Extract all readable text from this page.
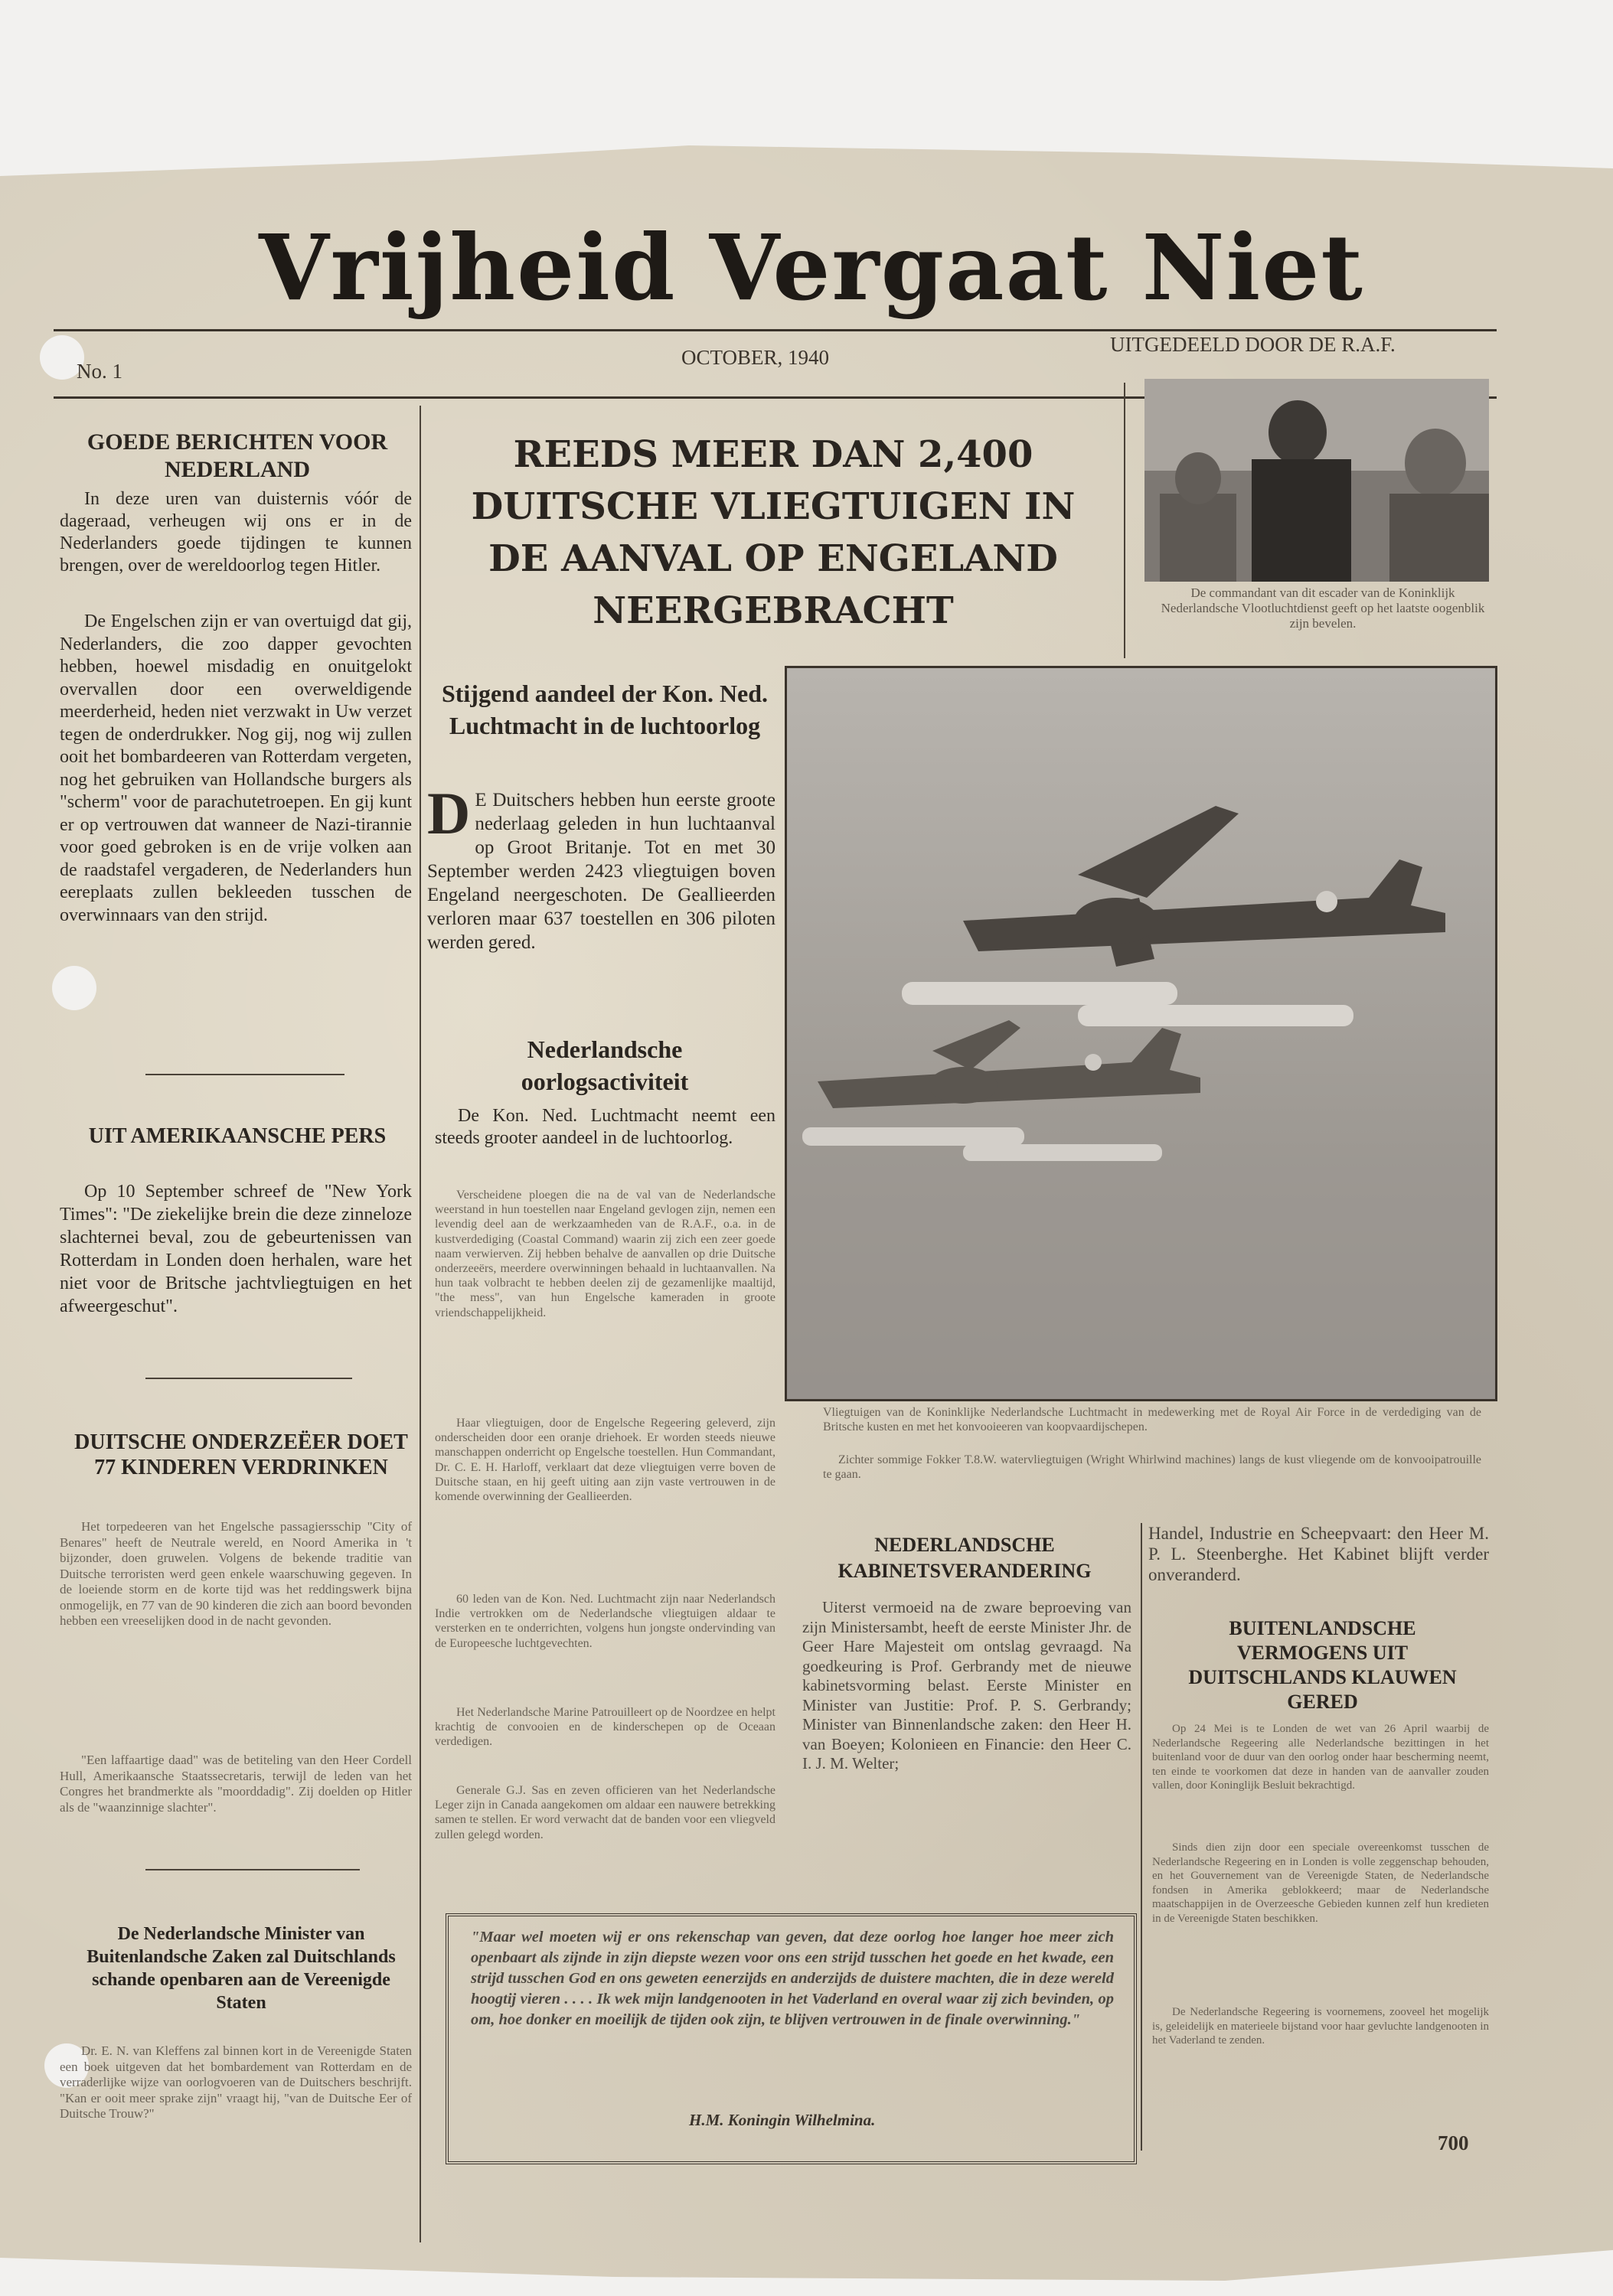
Vrijheid Vergaat Niet
No. 1
OCTOBER, 1940
UITGEDEELD DOOR DE R.A.F.
GOEDE BERICHTEN VOOR NEDERLAND
In deze uren van duisternis vóór de dageraad, verheugen wij ons er in de Nederlanders goede tijdingen te kunnen brengen, over de wereldoorlog tegen Hitler.
De Engelschen zijn er van overtuigd dat gij, Nederlanders, die zoo dapper gevochten hebben, hoewel misdadig en onuitgelokt overvallen door een overweldigende meerderheid, heden niet verzwakt in Uw verzet tegen de onderdrukker. Nog gij, nog wij zullen ooit het bombardeeren van Rotterdam vergeten, nog het gebruiken van Hollandsche burgers als "scherm" voor de parachutetroepen. En gij kunt er op vertrouwen dat wanneer de Nazi-tirannie voor goed gebroken is en de vrije volken aan de raadstafel vergaderen, de Nederlanders hun eereplaats zullen bekleeden tusschen de overwinnaars van den strijd.
UIT AMERIKAANSCHE PERS
Op 10 September schreef de "New York Times": "De ziekelijke brein die deze zinneloze slachternei beval, zou de gebeurtenissen van Rotterdam in Londen doen herhalen, ware het niet voor de Britsche jachtvliegtuigen en het afweergeschut".
DUITSCHE ONDERZEËER DOET 77 KINDEREN VERDRINKEN
Het torpedeeren van het Engelsche passagiersschip "City of Benares" heeft de Neutrale wereld, en Noord Amerika in 't bijzonder, doen gruwelen. Volgens de bekende traditie van Duitsche terroristen werd geen enkele waarschuwing gegeven. In de loeiende storm en de korte tijd was het reddingswerk bijna onmogelijk, en 77 van de 90 kinderen die zich aan boord bevonden hebben een vreeselijken dood in de nacht gevonden.
"Een laffaartige daad" was de betiteling van den Heer Cordell Hull, Amerikaansche Staatssecretaris, terwijl de leden van het Congres het brandmerkte als "moorddadig". Zij doelden op Hitler als de "waanzinnige slachter".
De Nederlandsche Minister van Buitenlandsche Zaken zal Duitschlands schande openbaren aan de Vereenigde Staten
Dr. E. N. van Kleffens zal binnen kort in de Vereenigde Staten een boek uitgeven dat het bombardement van Rotterdam en de verraderlijke wijze van oorlogvoeren van de Duitschers beschrijft. "Kan er ooit meer sprake zijn" vraagt hij, "van de Duitsche Eer of Duitsche Trouw?"
REEDS MEER DAN 2,400 DUITSCHE VLIEGTUIGEN IN DE AANVAL OP ENGELAND NEERGEBRACHT
Stijgend aandeel der Kon. Ned. Luchtmacht in de luchtoorlog
D E Duitschers hebben hun eerste groote nederlaag geleden in hun luchtaanval op Groot Britanje. Tot en met 30 September werden 2423 vliegtuigen boven Engeland neergeschoten. De Geallieerden verloren maar 637 toestellen en 306 piloten werden gered.
Nederlandsche oorlogsactiviteit
De Kon. Ned. Luchtmacht neemt een steeds grooter aandeel in de luchtoorlog.
Verscheidene ploegen die na de val van de Nederlandsche weerstand in hun toestellen naar Engeland gevlogen zijn, nemen een levendig deel aan de werkzaamheden van de R.A.F., o.a. in de kustverdediging (Coastal Command) waarin zij zich een zeer goede naam verwierven. Zij hebben behalve de aanvallen op drie Duitsche onderzeeërs, meerdere overwinningen behaald in luchtaanvallen. Na hun taak volbracht te hebben deelen zij de gezamenlijke maaltijd, "the mess", van hun Engelsche kameraden in groote vriendschappelijkheid.
Haar vliegtuigen, door de Engelsche Regeering geleverd, zijn onderscheiden door een oranje driehoek. Er worden steeds nieuwe manschappen onderricht op Engelsche toestellen. Hun Commandant, Dr. C. E. H. Harloff, verklaart dat deze vliegtuigen verre boven de Duitsche staan, en hij geeft uiting aan zijn vaste vertrouwen in de komende overwinning der Geallieerden.
60 leden van de Kon. Ned. Luchtmacht zijn naar Nederlandsch Indie vertrokken om de Nederlandsche vliegtuigen aldaar te versterken en te onderrichten, volgens hun jongste ondervinding van de Europeesche luchtgevechten.
Het Nederlandsche Marine Patrouilleert op de Noordzee en helpt krachtig de convooien en de kinderschepen op de Oceaan verdedigen.
Generale G.J. Sas en zeven officieren van het Nederlandsche Leger zijn in Canada aangekomen om aldaar een nauwere betrekking samen te stellen. Er word verwacht dat de banden voor een vliegveld zullen gelegd worden.
De commandant van dit escader van de Koninklijk Nederlandsche Vlootluchtdienst geeft op het laatste oogenblik zijn bevelen.
Vliegtuigen van de Koninklijke Nederlandsche Luchtmacht in medewerking met de Royal Air Force in de verdediging van de Britsche kusten en met het konvooieeren van koopvaardijschepen.
Zichter sommige Fokker T.8.W. watervliegtuigen (Wright Whirlwind machines) langs de kust vliegende om de konvooipatrouille te gaan.
NEDERLANDSCHE KABINETSVERANDERING
Uiterst vermoeid na de zware beproeving van zijn Ministersambt, heeft de eerste Minister Jhr. de Geer Hare Majesteit om ontslag gevraagd. Na goedkeuring is Prof. Gerbrandy met de nieuwe kabinetsvorming belast. Eerste Minister en Minister van Justitie: Prof. P. S. Gerbrandy; Minister van Binnenlandsche zaken: den Heer H. van Boeyen; Kolonieen en Financie: den Heer C. I. J. M. Welter;
Handel, Industrie en Scheepvaart: den Heer M. P. L. Steenberghe. Het Kabinet blijft verder onveranderd.
BUITENLANDSCHE VERMOGENS UIT DUITSCHLANDS KLAUWEN GERED
Op 24 Mei is te Londen de wet van 26 April waarbij de Nederlandsche Regeering alle Nederlandsche bezittingen in het buitenland voor de duur van den oorlog onder haar bescherming neemt, ten einde te voorkomen dat deze in handen van de aanvaller zouden vallen, door Koninglijk Besluit bekrachtigd.
Sinds dien zijn door een speciale overeenkomst tusschen de Nederlandsche Regeering en in Londen is volle zeggenschap behouden, en het Gouvernement van de Vereenigde Staten, de Nederlandsche fondsen in Amerika geblokkeerd; maar de Nederlandsche maatschappijen in de Overzeesche Gebieden kunnen zelf hun kredieten in de Vereenigde Staten beschikken.
De Nederlandsche Regeering is voornemens, zooveel het mogelijk is, geleidelijk en materieele bijstand voor haar gevluchte landgenooten in het Vaderland te zenden.
"Maar wel moeten wij er ons rekenschap van geven, dat deze oorlog hoe langer hoe meer zich openbaart als zijnde in zijn diepste wezen voor ons een strijd tusschen het goede en het kwade, een strijd tusschen God en ons geweten eenerzijds en anderzijds de duistere machten, die in deze wereld hoogtij vieren . . . . Ik wek mijn landgenooten in het Vaderland en overal waar zij zich bevinden, op om, hoe donker en moeilijk de tijden ook zijn, te blijven vertrouwen in de finale overwinning."
H.M. Koningin Wilhelmina.
700
